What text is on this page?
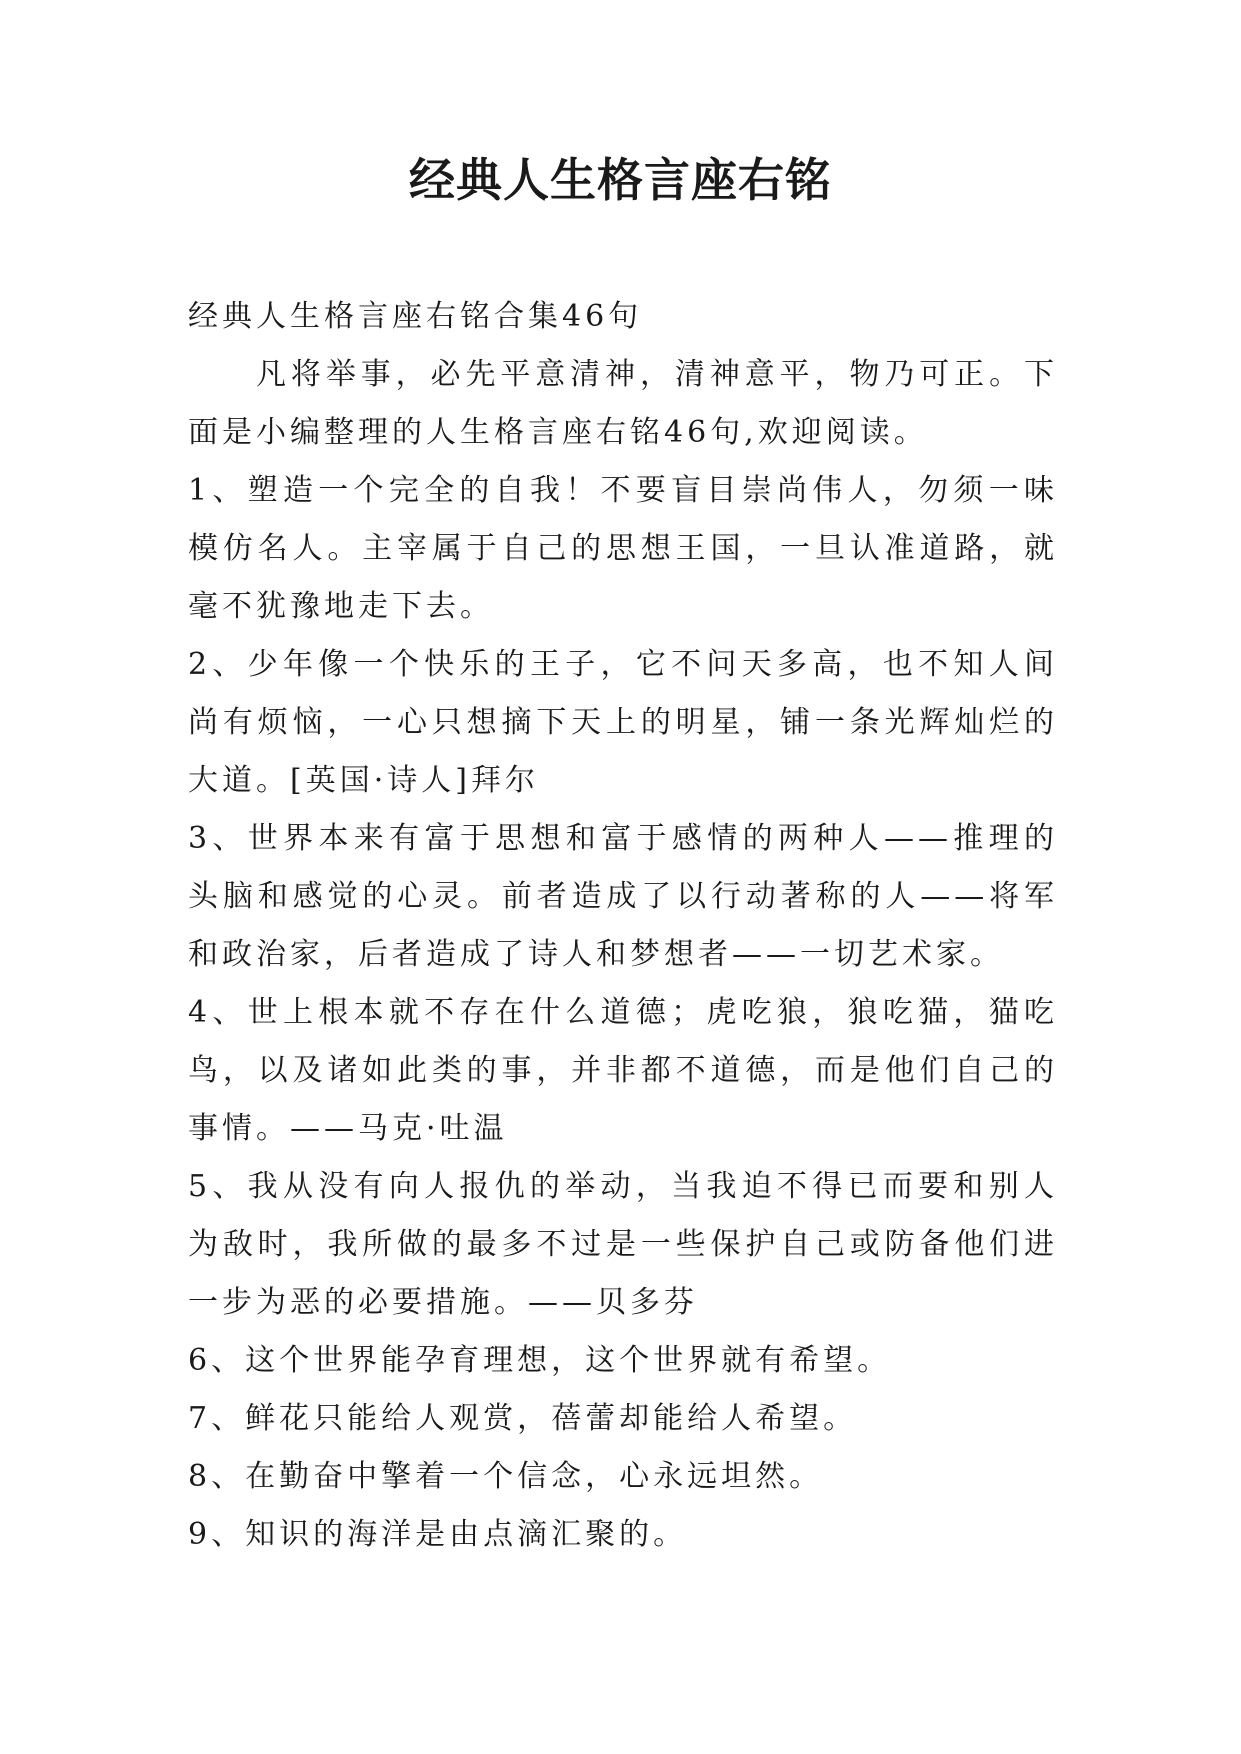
经典人生格言座右铭

经典人生格言座右铭合集46句

凡将举事，必先平意清神，清神意平，物乃可正。下面是小编整理的人生格言座右铭46句,欢迎阅读。

1、塑造一个完全的自我！不要盲目崇尚伟人，勿须一味模仿名人。主宰属于自己的思想王国，一旦认准道路，就毫不犹豫地走下去。

2、少年像一个快乐的王子，它不问天多高，也不知人间尚有烦恼，一心只想摘下天上的明星，铺一条光辉灿烂的大道。[英国·诗人]拜尔

3、世界本来有富于思想和富于感情的两种人——推理的头脑和感觉的心灵。前者造成了以行动著称的人——将军和政治家，后者造成了诗人和梦想者——一切艺术家。

4、世上根本就不存在什么道德；虎吃狼，狼吃猫，猫吃鸟，以及诸如此类的事，并非都不道德，而是他们自己的事情。——马克·吐温

5、我从没有向人报仇的举动，当我迫不得已而要和别人为敌时，我所做的最多不过是一些保护自己或防备他们进一步为恶的必要措施。——贝多芬

6、这个世界能孕育理想，这个世界就有希望。

7、鲜花只能给人观赏，蓓蕾却能给人希望。

8、在勤奋中擎着一个信念，心永远坦然。

9、知识的海洋是由点滴汇聚的。
